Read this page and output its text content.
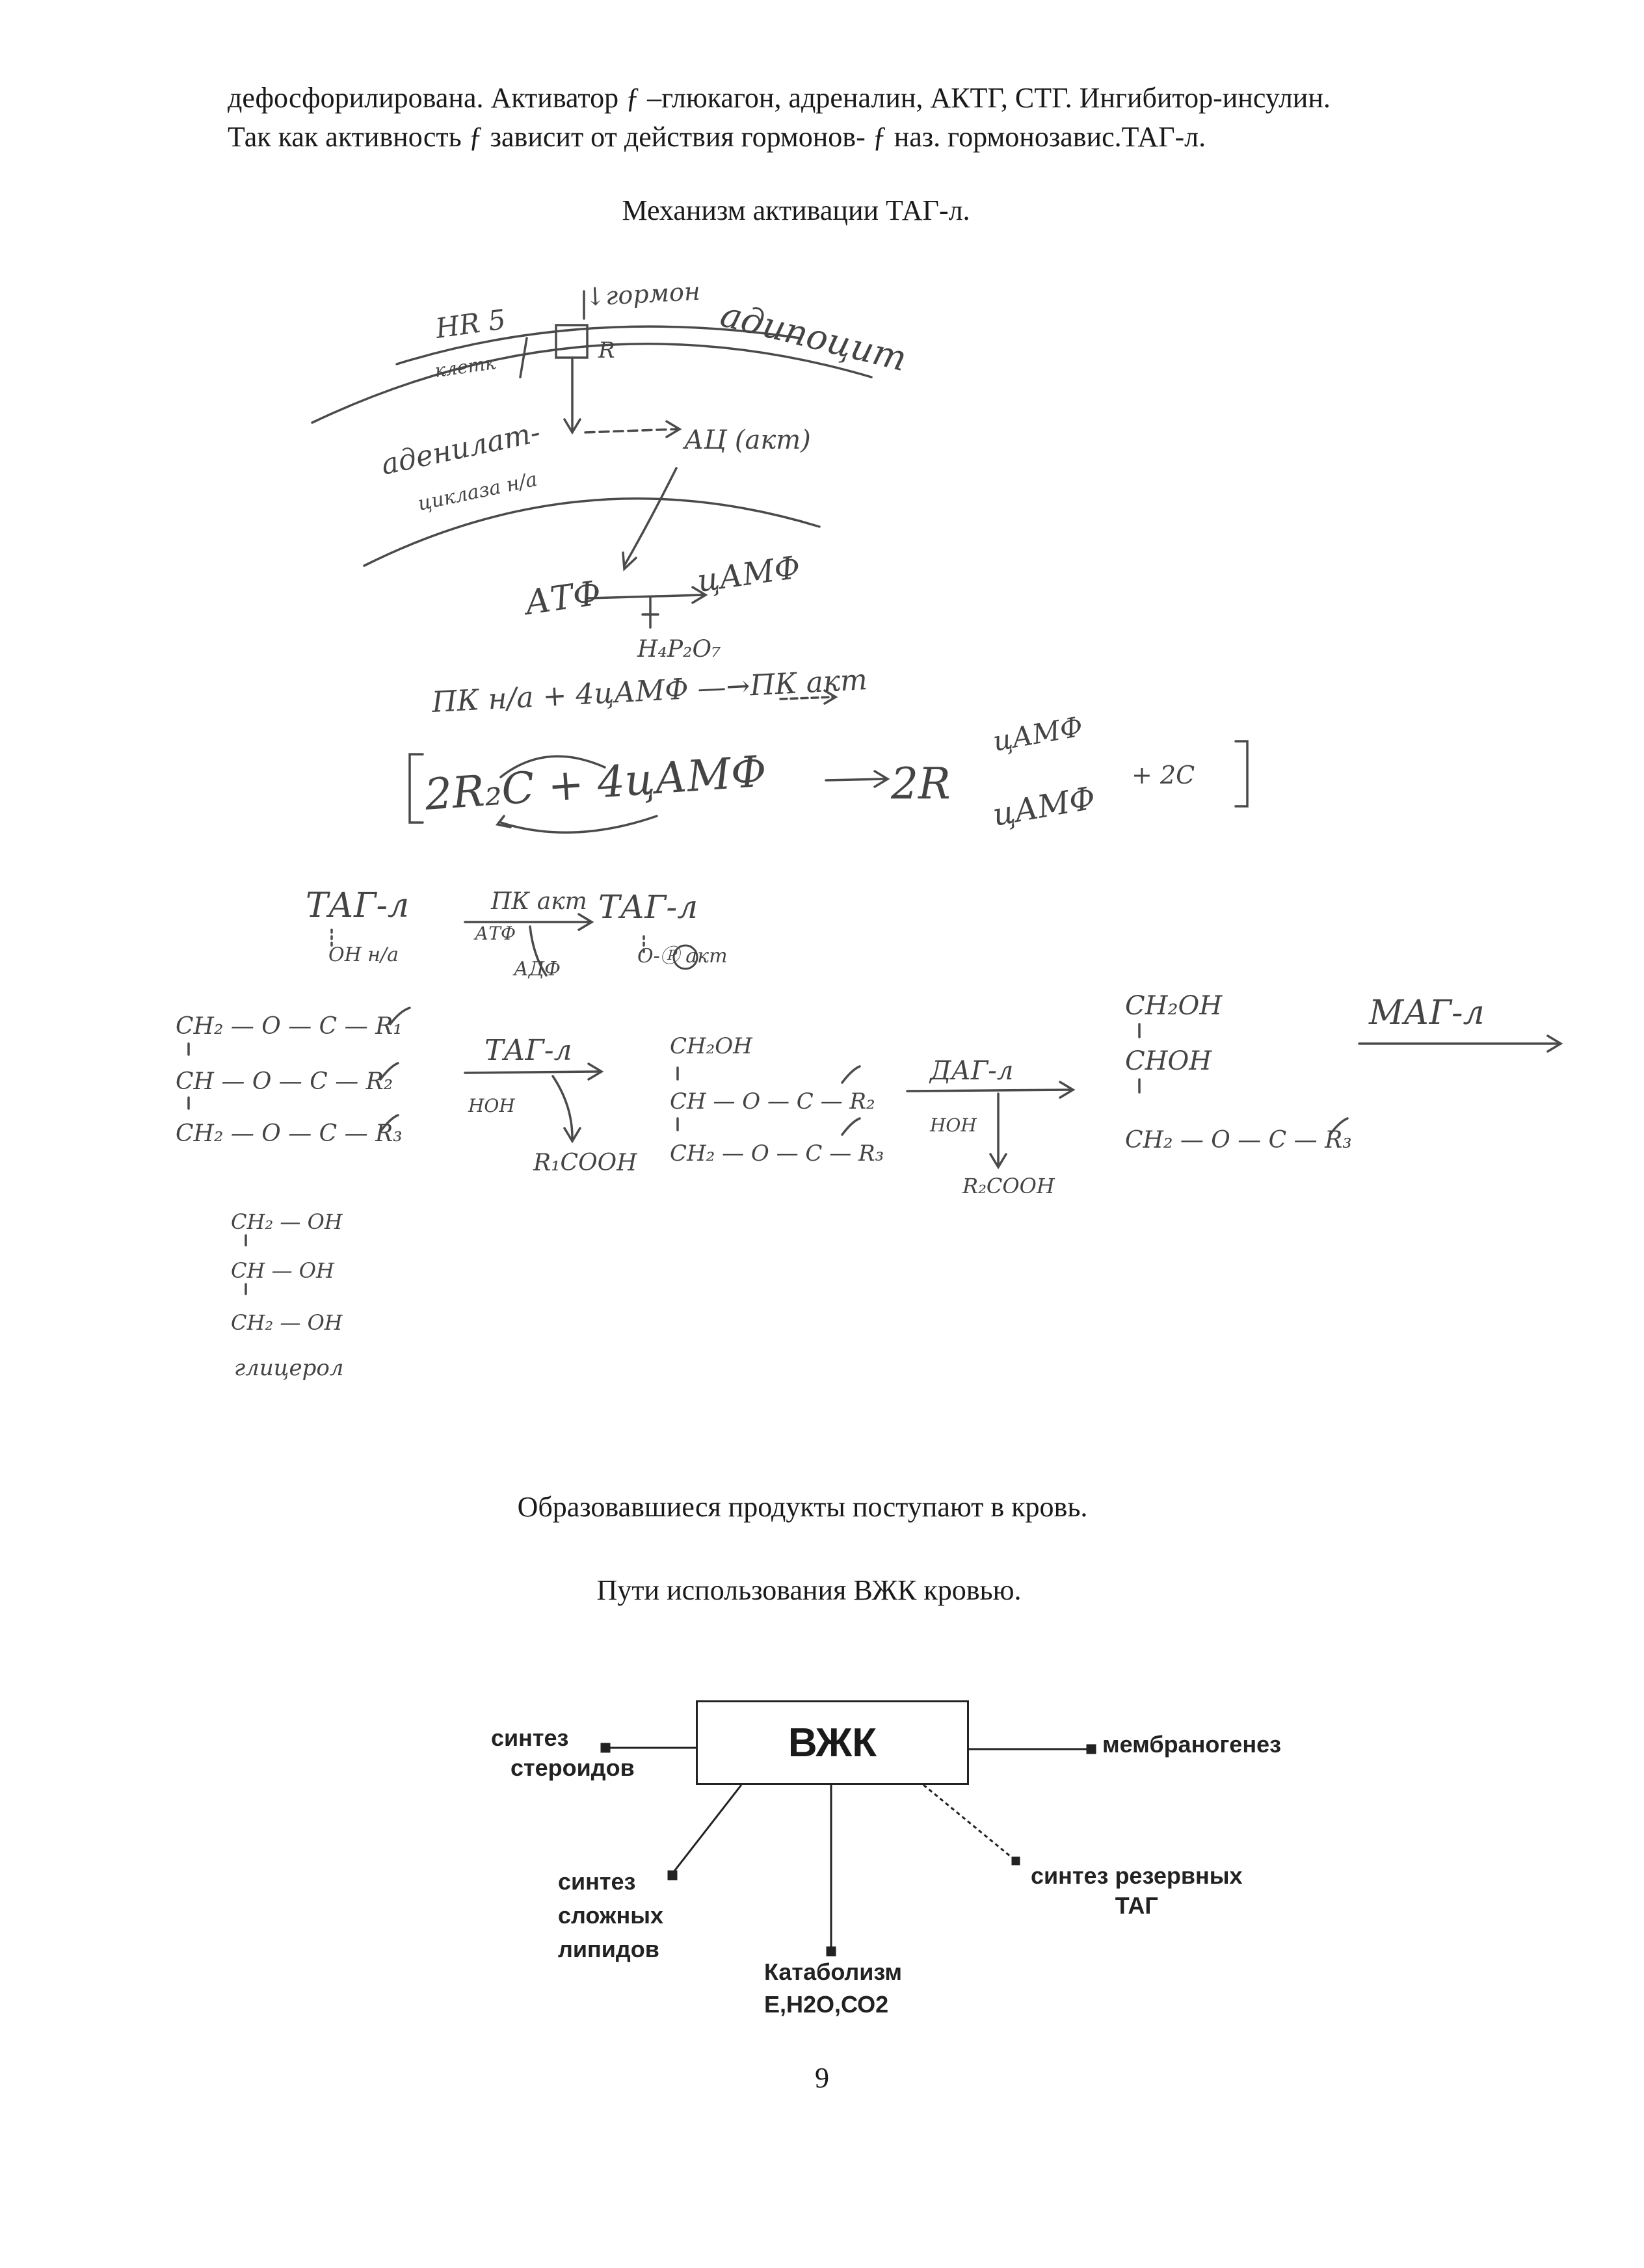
дефосфорилирована. Активатор ƒ –глюкагон, адреналин, АКТГ, СТГ. Ингибитор-инсулин.
Так как активность ƒ зависит от действия гормонов- ƒ наз. гормонозавис.ТАГ-л.
Механизм активации ТАГ-л.
HR 5
↓гормон адипоцит
клетк
R
аденилат-
циклаза н/а
АЦ (акт)
АТФ	цАМФ
Н₄Р₂О₇
ПК н/а + 4цАМФ —→ПК акт
2R₂C + 4цАМФ	2R
цАМФ
цАМФ
+ 2C
ТАГ-л	ПК акт
АТФ
АДФ
ТАГ-л
ОН н/а	О-Ⓟ акт
CH₂ — O — C — R₁
CH — O — C — R₂
CH₂ — O — C — R₃
ТАГ-л
НОН
R₁COOH
CH₂OH
CH — O — C — R₂
CH₂ — O — C — R₃
ДАГ-л
НОН
R₂COOH
CH₂OH
CHOH
CH₂ — O — C — R₃
МАГ-л
CH₂ — OH
CH — OH
CH₂ — OH
глицерол
Образовавшиеся продукты поступают в кровь.
Пути использования ВЖК кровью.
ВЖК
синтез
стероидов
мембраногенез
синтез
сложных
липидов
синтез резервных
ТАГ
Катаболизм
Е,Н2О,СО2
9
